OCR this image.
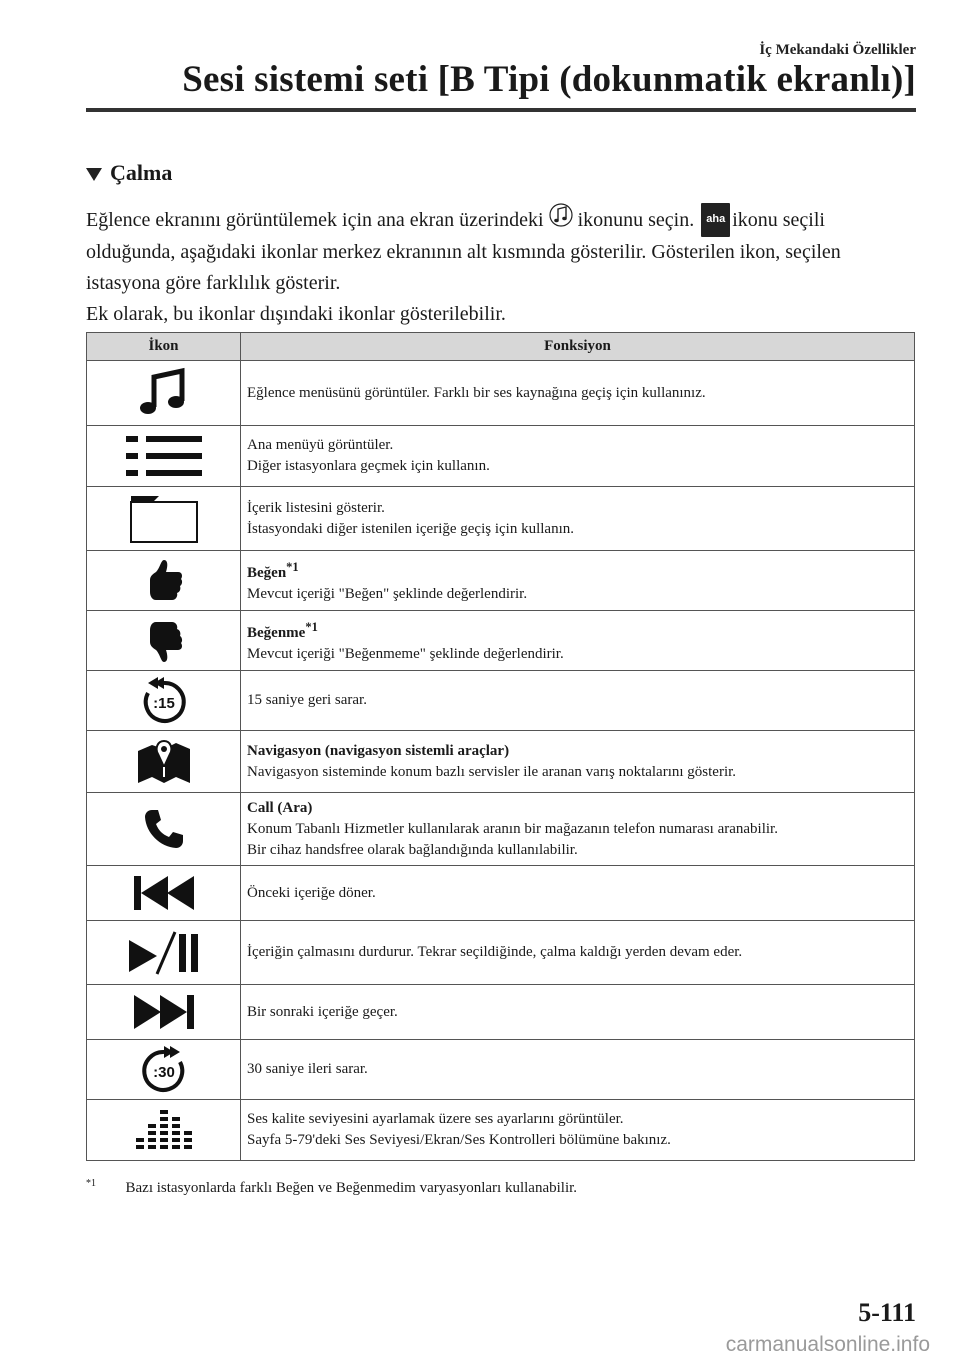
İç Mekandaki Özellikler
Sesi sistemi seti [B Tipi (dokunmatik ekranlı)]
Çalma

Eğlence ekranını görüntülemek için ana ekran üzerindeki ikonunu seçin. aha ikonu seçili olduğunda, aşağıdaki ikonlar merkez ekranının alt kısmında gösterilir. Gösterilen ikon, seçilen istasyona göre farklılık gösterir.

Ek olarak, bu ikonlar dışındaki ikonlar gösterilebilir.

İkon	Fonksiyon

Eğlence menüsünü görüntüler. Farklı bir ses kaynağına geçiş için kullanınız.

Ana menüyü görüntüler.
Diğer istasyonlara geçmek için kullanın.

İçerik listesini gösterir.
İstasyondaki diğer istenilen içeriğe geçiş için kullanın.

Beğen$^{*1}$
Mevcut içeriği "Beğen" şeklinde değerlendirir.

Beğenme$^{*1}$
Mevcut içeriği "Beğenmeme" şeklinde değerlendirir.

:15	15 saniye geri sarar.

Navigasyon (navigasyon sistemli araçlar)
Navigasyon sisteminde konum bazlı servisler ile aranan varış noktalarını gösterir.

Call (Ara)
Konum Tabanlı Hizmetler kullanılarak aranın bir mağazanın telefon numarası aranabilir.
Bir cihaz handsfree olarak bağlandığında kullanılabilir.

Önceki içeriğe döner.

İçeriğin çalmasını durdurur. Tekrar seçildiğinde, çalma kaldığı yerden devam eder.

Bir sonraki içeriğe geçer.

:30	30 saniye ileri sarar.

Ses kalite seviyesini ayarlamak üzere ses ayarlarını görüntüler.
Sayfa 5-79'deki Ses Seviyesi/Ekran/Ses Kontrolleri bölümüne bakınız.
$^{*1}$ Bazı istasyonlarda farklı Beğen ve Beğenmedim varyasyonları kullanabilir.
5-111
carmanualsonline.info
